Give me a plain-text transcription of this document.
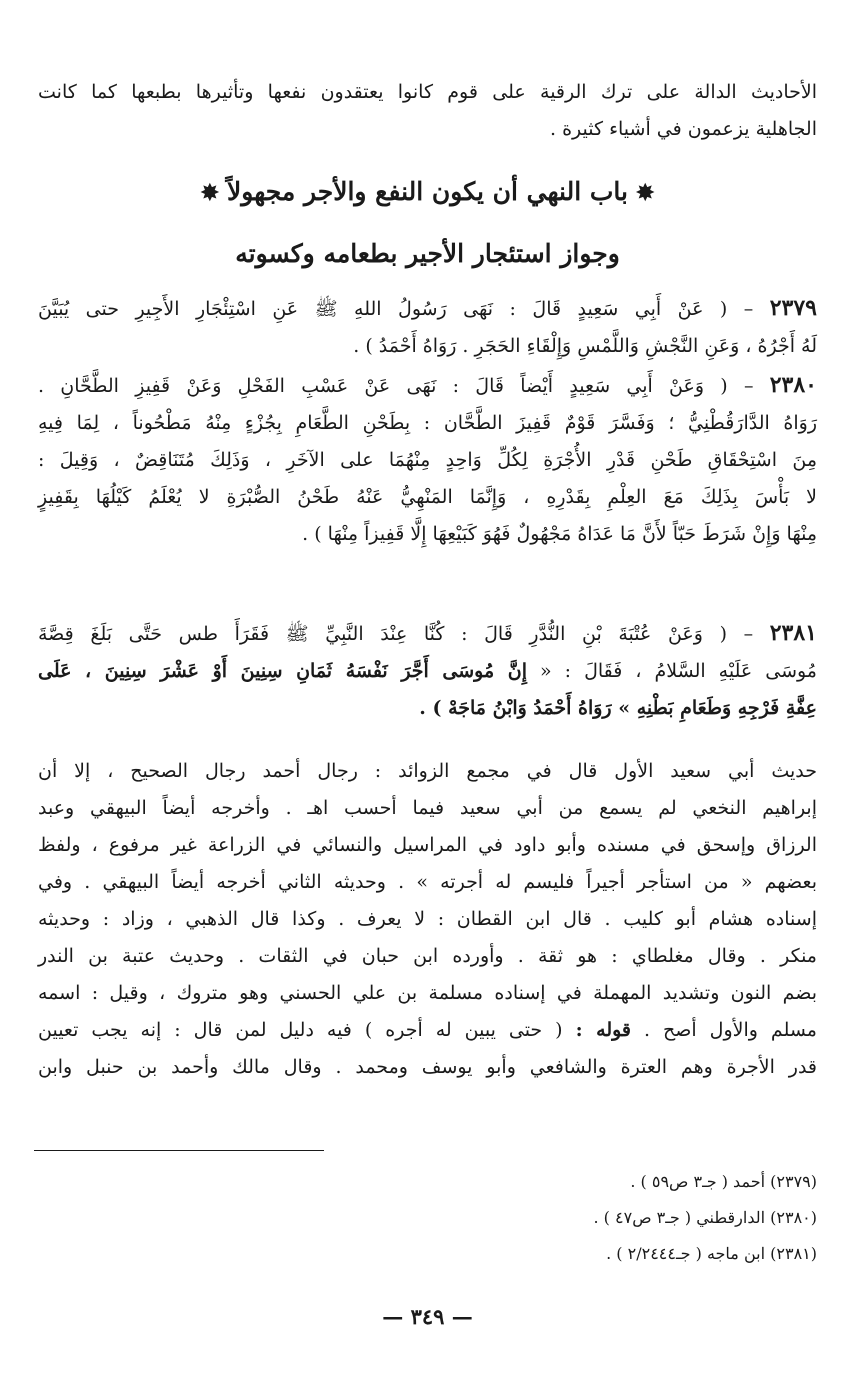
الأحاديث الدالة على ترك الرقية على قوم كانوا يعتقدون نفعها وتأثيرها بطبعها كما كانت
الجاهلية يزعمون في أشياء كثيرة .
✸باب النهي أن يكون النفع والأجر مجهولاً✸
وجواز استئجار الأجير بطعامه وكسوته
٢٣٧٩ – ( عَنْ أَبِي سَعِيدٍ قَالَ : نَهَى رَسُولُ اللهِ ﷺ عَنِ اسْتِئْجَارِ الأَجِيرِ حتى يُبَيَّنَ
لَهُ أَجْرُهُ ، وَعَنِ النَّجْشِ وَاللَّمْسِ وَإِلْقَاءِ الحَجَرِ . رَوَاهُ أَحْمَدُ ) .
٢٣٨٠ – ( وَعَنْ أَبِي سَعِيدٍ أَيْضاً قَالَ : نَهَى عَنْ عَسْبِ الفَحْلِ وَعَنْ قَفِيزِ الطَّحَّانِ .
رَوَاهُ الدَّارَقُطْنِيُّ ؛ وَفَسَّرَ قَوْمٌ قَفِيزَ الطَّحَّان : بِطَحْنِ الطَّعَامِ بِجُزْءٍ مِنْهُ مَطْحُوناً ، لِمَا فِيهِ
مِنَ اسْتِحْقَاقِ طَحْنِ قَدْرِ الأُجْرَةِ لِكُلِّ وَاحِدٍ مِنْهُمَا على الآخَرِ ، وَذَلِكَ مُتَنَاقِضٌ ، وَقِيلَ :
لا بَأْسَ بِذَلِكَ مَعَ العِلْمِ بِقَدْرِهِ ، وَإِنَّمَا المَنْهِيُّ عَنْهُ طَحْنُ الصُّبْرَةِ لا يُعْلَمُ كَيْلُهَا بِقَفِيزٍ
مِنْهَا وَإِنْ شَرَطَ حَبّاً لأَنَّ مَا عَدَاهُ مَجْهُولٌ فَهُوَ كَبَيْعِهَا إِلَّا قَفِيزاً مِنْهَا ) .
٢٣٨١ – ( وَعَنْ عُتْبَةَ بْنِ النُّدَّرِ قَالَ : كُنَّا عِنْدَ النَّبِيِّ ﷺ فَقَرَأَ طس حَتَّى بَلَغَ قِصَّةَ
مُوسَى عَلَيْهِ السَّلامُ ، فَقَالَ : « إِنَّ مُوسَى أَجَّرَ نَفْسَهُ ثَمَانِ سِنِينَ أَوْ عَشْرَ سِنِينَ ، عَلَى
عِفَّةِ فَرْجِهِ وَطَعَامِ بَطْنِهِ » رَوَاهُ أَحْمَدُ وَابْنُ مَاجَهْ ) .
حديث أبي سعيد الأول قال في مجمع الزوائد : رجال أحمد رجال الصحيح ، إلا أن
إبراهيم النخعي لم يسمع من أبي سعيد فيما أحسب اهـ . وأخرجه أيضاً البيهقي وعبد
الرزاق وإسحق في مسنده وأبو داود في المراسيل والنسائي في الزراعة غير مرفوع ، ولفظ
بعضهم « من استأجر أجيراً فليسم له أجرته » . وحديثه الثاني أخرجه أيضاً البيهقي . وفي
إسناده هشام أبو كليب . قال ابن القطان : لا يعرف . وكذا قال الذهبي ، وزاد : وحديثه
منكر . وقال مغلطاي : هو ثقة . وأورده ابن حبان في الثقات . وحديث عتبة بن الندر
بضم النون وتشديد المهملة في إسناده مسلمة بن علي الحسني وهو متروك ، وقيل : اسمه
مسلم والأول أصح . قوله : ( حتى يبين له أجره ) فيه دليل لمن قال : إنه يجب تعيين
قدر الأجرة وهم العترة والشافعي وأبو يوسف ومحمد . وقال مالك وأحمد بن حنبل وابن
(٢٣٧٩) أحمد ( جـ٣ ص٥٩ ) .
(٢٣٨٠) الدارقطني ( جـ٣ ص٤٧ ) .
(٢٣٨١) ابن ماجه ( جـ٢/٢٤٤٤ ) .
— ٣٤٩ —
